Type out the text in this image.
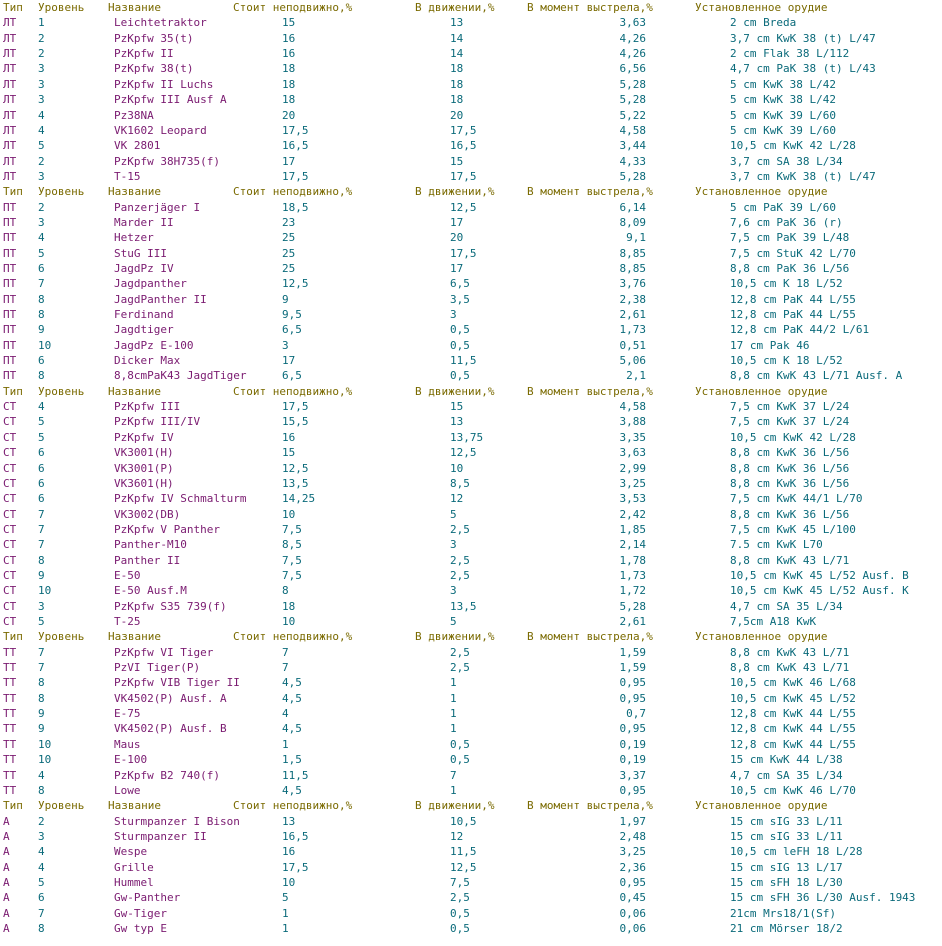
Тип Уровень Название	Стоит неподвижно,%	В движении,%	В момент выстрела,%	Установленное орудие
ЛТ 1	Leichtetraktor	15	13	3,63	2 cm Breda
ЛТ 2	PzKpfw 35(t)	16	14	4,26	3,7 cm KwK 38 (t) L/47
ЛТ 2	PzKpfw II	16	14	4,26	2 cm Flak 38 L/112
ЛТ 3	PzKpfw 38(t)	18	18	6,56	4,7 cm PaK 38 (t) L/43
ЛТ 3	PzKpfw II Luchs	18	18	5,28	5 cm KwK 38 L/42
ЛТ 3	PzKpfw III Ausf A	18	18	5,28	5 cm KwK 38 L/42
ЛТ 4	Pz38NA	20	20	5,22	5 cm KwK 39 L/60
ЛТ 4	VK1602 Leopard	17,5	17,5	4,58	5 cm KwK 39 L/60
ЛТ 5	VK 2801	16,5	16,5	3,44	10,5 cm KwK 42 L/28
ЛТ 2	PzKpfw 38H735(f)	17	15	4,33	3,7 cm SA 38 L/34
ЛТ 3	T-15	17,5	17,5	5,28	3,7 cm KwK 38 (t) L/47
Тип Уровень Название	Стоит неподвижно,%	В движении,%	В момент выстрела,%	Установленное орудие
ПТ 2	Panzerjäger I	18,5	12,5	6,14	5 cm PaK 39 L/60
ПТ 3	Marder II	23	17	8,09	7,6 cm PaK 36 (r)
ПТ 4	Hetzer	25	20	9,1	7,5 cm PaK 39 L/48
ПТ 5	StuG III	25	17,5	8,85	7,5 cm StuK 42 L/70
ПТ 6	JagdPz IV	25	17	8,85	8,8 cm PaK 36 L/56
ПТ 7	Jagdpanther	12,5	6,5	3,76	10,5 cm K 18 L/52
ПТ 8	JagdPanther II	9	3,5	2,38	12,8 cm PaK 44 L/55
ПТ 8	Ferdinand	9,5	3	2,61	12,8 cm PaK 44 L/55
ПТ 9	Jagdtiger	6,5	0,5	1,73	12,8 cm PaK 44/2 L/61
ПТ 10	JagdPz E-100	3	0,5	0,51	17 cm Pak 46
ПТ 6	Dicker Max	17	11,5	5,06	10,5 cm K 18 L/52
ПТ 8	8,8cmPaK43 JagdTiger	6,5	0,5	2,1	8,8 cm KwK 43 L/71 Ausf. A
Тип Уровень Название	Стоит неподвижно,%	В движении,%	В момент выстрела,%	Установленное орудие
СТ 4	PzKpfw III	17,5	15	4,58	7,5 cm KwK 37 L/24
СТ 5	PzKpfw III/IV	15,5	13	3,88	7,5 cm KwK 37 L/24
СТ 5	PzKpfw IV	16	13,75	3,35	10,5 cm KwK 42 L/28
СТ 6	VK3001(H)	15	12,5	3,63	8,8 cm KwK 36 L/56
СТ 6	VK3001(P)	12,5	10	2,99	8,8 cm KwK 36 L/56
СТ 6	VK3601(H)	13,5	8,5	3,25	8,8 cm KwK 36 L/56
СТ 6	PzKpfw IV Schmalturm	14,25	12	3,53	7,5 cm KwK 44/1 L/70
СТ 7	VK3002(DB)	10	5	2,42	8,8 cm KwK 36 L/56
СТ 7	PzKpfw V Panther	7,5	2,5	1,85	7,5 cm KwK 45 L/100
СТ 7	Panther-M10	8,5	3	2,14	7.5 cm KwK L70
СТ 8	Panther II	7,5	2,5	1,78	8,8 cm KwK 43 L/71
СТ 9	E-50	7,5	2,5	1,73	10,5 cm KwK 45 L/52 Ausf. B
СТ 10	E-50 Ausf.M	8	3	1,72	10,5 cm KwK 45 L/52 Ausf. K
СТ 3	PzKpfw S35 739(f)	18	13,5	5,28	4,7 cm SA 35 L/34
СТ 5	T-25	10	5	2,61	7,5cm A18 KwK
Тип Уровень Название	Стоит неподвижно,%	В движении,%	В момент выстрела,%	Установленное орудие
ТТ 7	PzKpfw VI Tiger	7	2,5	1,59	8,8 cm KwK 43 L/71
ТТ 7	PzVI Tiger(P)	7	2,5	1,59	8,8 cm KwK 43 L/71
ТТ 8	PzKpfw VIB Tiger II	4,5	1	0,95	10,5 cm KwK 46 L/68
ТТ 8	VK4502(P) Ausf. A	4,5	1	0,95	10,5 cm KwK 45 L/52
ТТ 9	E-75	4	1	0,7	12,8 cm KwK 44 L/55
ТТ 9	VK4502(P) Ausf. B	4,5	1	0,95	12,8 cm KwK 44 L/55
ТТ 10	Maus	1	0,5	0,19	12,8 cm KwK 44 L/55
ТТ 10	E-100	1,5	0,5	0,19	15 cm KwK 44 L/38
ТТ 4	PzKpfw B2 740(f)	11,5	7	3,37	4,7 cm SA 35 L/34
ТТ 8	Lowe	4,5	1	0,95	10,5 cm KwK 46 L/70
Тип Уровень Название	Стоит неподвижно,%	В движении,%	В момент выстрела,%	Установленное орудие
А	2	Sturmpanzer I Bison	13	10,5	1,97	15 cm sIG 33 L/11
А	3	Sturmpanzer II	16,5	12	2,48	15 cm sIG 33 L/11
А	4	Wespe	16	11,5	3,25	10,5 cm leFH 18 L/28
А	4	Grille	17,5	12,5	2,36	15 cm sIG 13 L/17
А	5	Hummel	10	7,5	0,95	15 cm sFH 18 L/30
А	6	Gw-Panther	5	2,5	0,45	15 cm sFH 36 L/30 Ausf. 1943
А	7	Gw-Tiger	1	0,5	0,06	21cm Mrs18/1(Sf)
А	8	Gw typ E	1	0,5	0,06	21 cm Mörser 18/2
